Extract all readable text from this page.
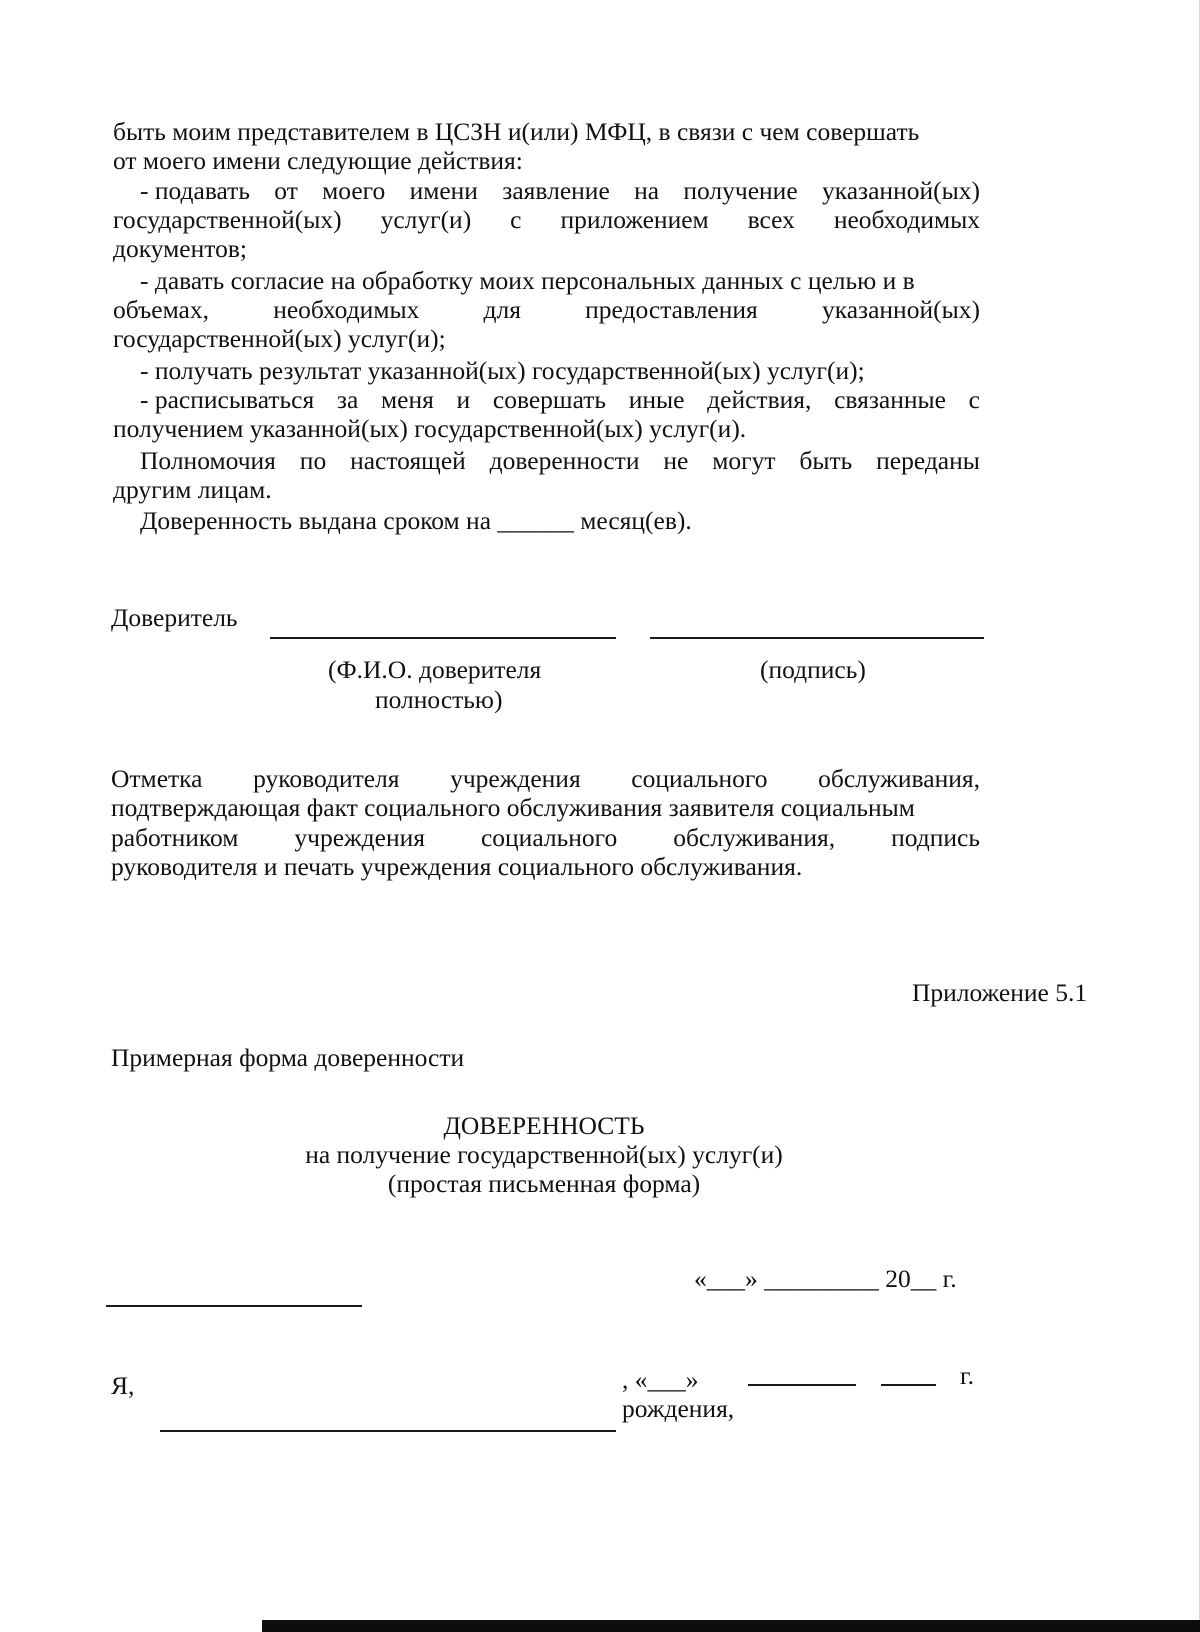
быть моим представителем в ЦСЗН и(или) МФЦ, в связи с чем совершать
от моего имени следующие действия:
- подавать от моего имени заявление на получение указанной(ых)
государственной(ых) услуг(и) с приложением всех необходимых
документов;
- давать согласие на обработку моих персональных данных с целью и в
объемах,	необходимых	для	предоставления	указанной(ых)
государственной(ых) услуг(и);
- получать результат указанной(ых) государственной(ых) услуг(и);
- расписываться за меня и совершать иные действия, связанные с
получением указанной(ых) государственной(ых) услуг(и).
Полномочия по настоящей доверенности не могут быть переданы
другим лицам.
Доверенность выдана сроком на ______ месяц(ев).
Доверитель
(Ф.И.О. доверителя
полностью)
(подпись)
Отметка руководителя учреждения социального обслуживания,
подтверждающая факт социального обслуживания заявителя социальным
работником учреждения социального обслуживания, подпись
руководителя и печать учреждения социального обслуживания.
Приложение 5.1
Примерная форма доверенности
ДОВЕРЕННОСТЬ
на получение государственной(ых) услуг(и)
(простая письменная форма)
«___» _________ 20__ г.
Я,	, «___»	г.
рождения,
